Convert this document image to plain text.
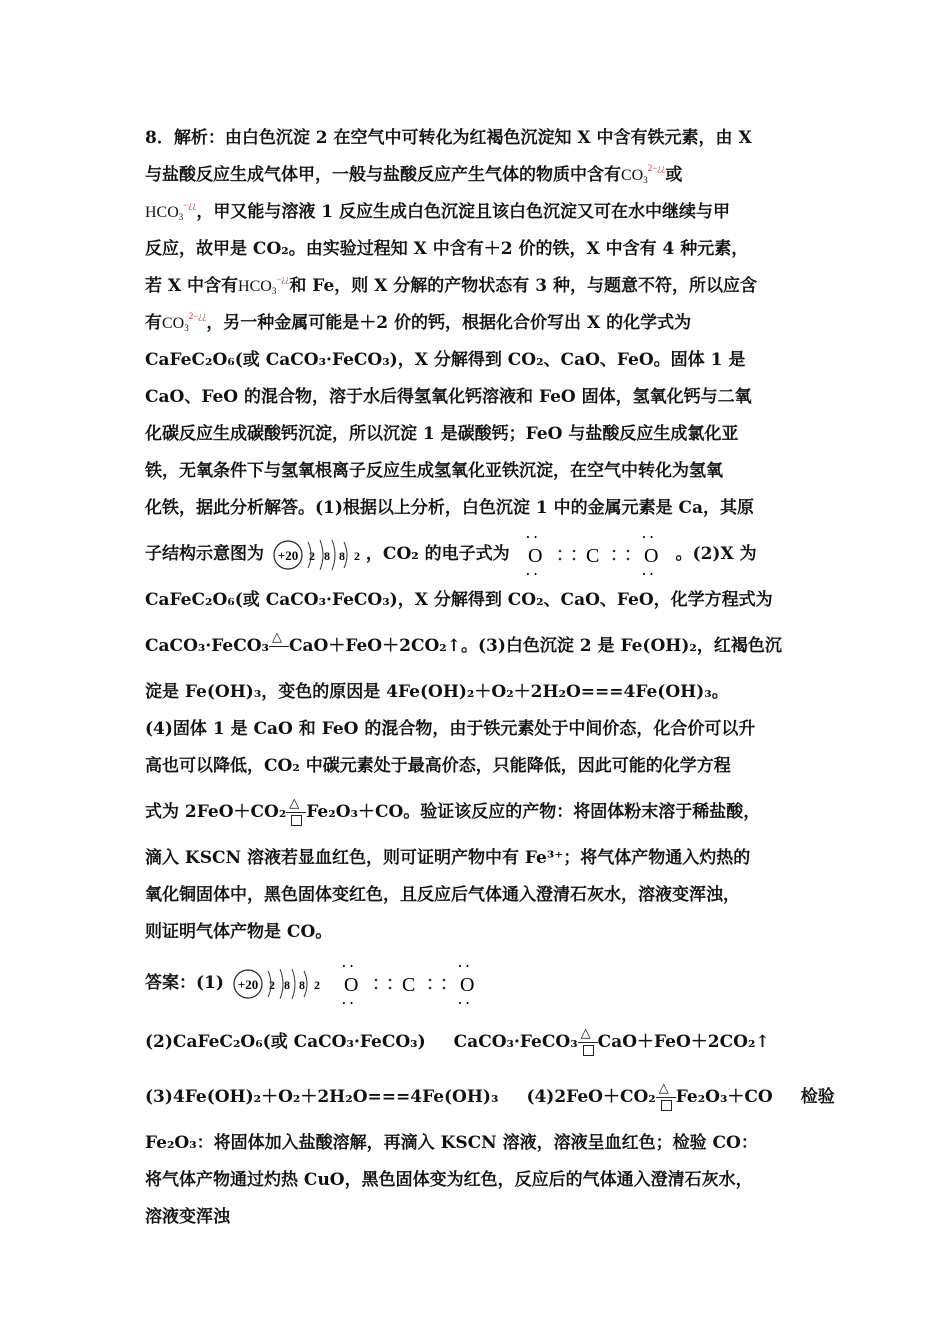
8．解析：由白色沉淀 2 在空气中可转化为红褐色沉淀知 X 中含有铁元素，由 X
与盐酸反应生成气体甲，一般与盐酸反应产生气体的物质中含有$CO_3^{2-¿¿}$或
$HCO_3^{-¿¿}$，甲又能与溶液 1 反应生成白色沉淀且该白色沉淀又可在水中继续与甲
反应，故甲是 CO₂。由实验过程知 X 中含有＋2 价的铁，X 中含有 4 种元素，
若 X 中含有$HCO_3^{-¿¿}$和 Fe，则 X 分解的产物状态有 3 种，与题意不符，所以应含
有$CO_3^{2-¿¿}$，另一种金属可能是＋2 价的钙，根据化合价写出 X 的化学式为
CaFeC₂O₆(或 CaCO₃·FeCO₃)，X 分解得到 CO₂、CaO、FeO。固体 1 是
CaO、FeO 的混合物，溶于水后得氢氧化钙溶液和 FeO 固体，氢氧化钙与二氧
化碳反应生成碳酸钙沉淀，所以沉淀 1 是碳酸钙；FeO 与盐酸反应生成氯化亚
铁，无氧条件下与氢氧根离子反应生成氢氧化亚铁沉淀，在空气中转化为氢氧
化铁，据此分析解答。(1)根据以上分析，白色沉淀 1 中的金属元素是 Ca，其原
子结构示意图为 +20 2 8 8 2 ，CO₂ 的电子式为
· ·
O
· ·
C
· ·
O
· ·
。(2)X 为
CaFeC₂O₆(或 CaCO₃·FeCO₃)，X 分解得到 CO₂、CaO、FeO，化学方程式为
CaCO₃·FeCO₃ △ CaO＋FeO＋2CO₂↑。(3)白色沉淀 2 是 Fe(OH)₂，红褐色沉
淀是 Fe(OH)₃，变色的原因是 4Fe(OH)₂＋O₂＋2H₂O===4Fe(OH)₃。
(4)固体 1 是 CaO 和 FeO 的混合物，由于铁元素处于中间价态，化合价可以升
高也可以降低，CO₂ 中碳元素处于最高价态，只能降低，因此可能的化学方程
式为 2FeO＋CO₂ △ Fe₂O₃＋CO。验证该反应的产物：将固体粉末溶于稀盐酸，
滴入 KSCN 溶液若显血红色，则可证明产物中有 Fe³⁺；将气体产物通入灼热的
氧化铜固体中，黑色固体变红色，且反应后气体通入澄清石灰水，溶液变浑浊，
则证明气体产物是 CO。
答案：(1) +20 2 8 8 2

· ·
O
· ·
C
· ·
O
· ·
(2)CaFeC₂O₆(或 CaCO₃·FeCO₃) CaCO₃·FeCO₃ △ CaO＋FeO＋2CO₂↑
(3)4Fe(OH)₂＋O₂＋2H₂O===4Fe(OH)₃ (4)2FeO＋CO₂ △ Fe₂O₃＋CO 检验
Fe₂O₃：将固体加入盐酸溶解，再滴入 KSCN 溶液，溶液呈血红色；检验 CO：
将气体产物通过灼热 CuO，黑色固体变为红色，反应后的气体通入澄清石灰水，
溶液变浑浊
